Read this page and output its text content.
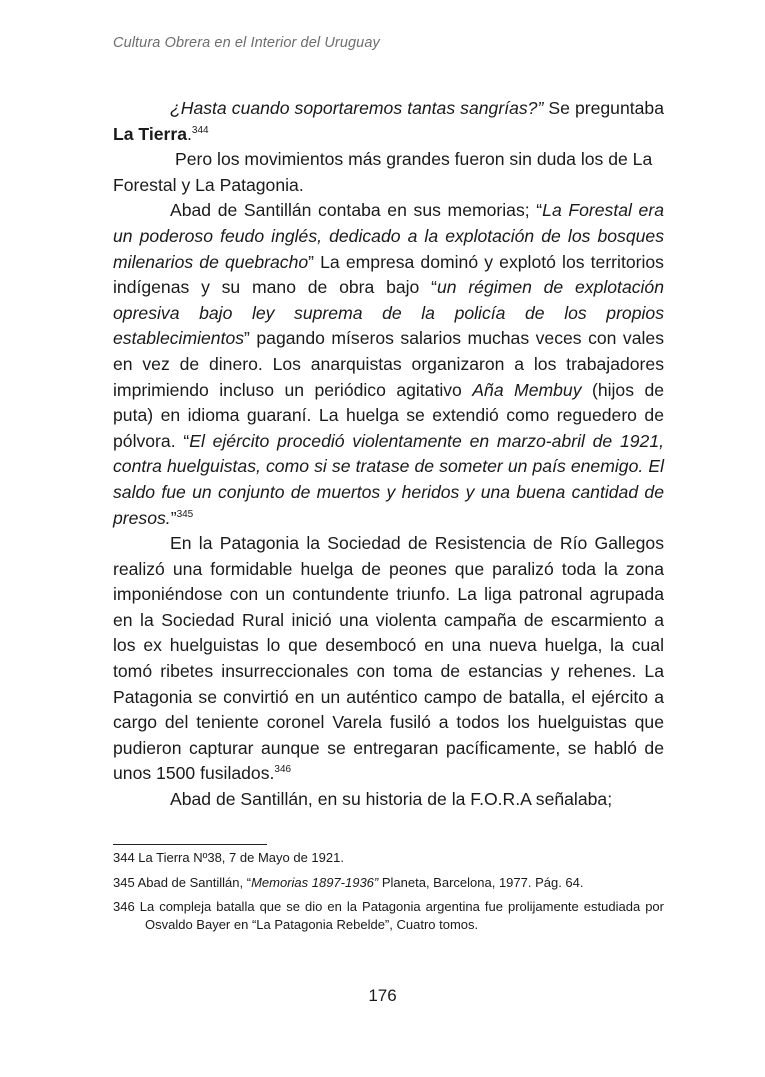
Cultura Obrera en el Interior del Uruguay

¿Hasta cuando soportaremos tantas sangrías?” Se preguntaba La Tierra.$^{344}$

Pero los movimientos más grandes fueron sin duda los de La Forestal y La Patagonia.

Abad de Santillán contaba en sus memorias; “La Forestal era un poderoso feudo inglés, dedicado a la explotación de los bosques milenarios de quebracho” La empresa dominó y explotó los territorios indígenas y su mano de obra bajo “un régimen de explotación opresiva bajo ley suprema de la policía de los propios establecimientos” pagando míseros salarios muchas veces con vales en vez de dinero. Los anarquistas organizaron a los trabajadores imprimiendo incluso un periódico agitativo Aña Membuy (hijos de puta) en idioma guaraní. La huelga se extendió como reguedero de pólvora. “El ejército procedió violentamente en marzo-abril de 1921, contra huelguistas, como si se tratase de someter un país enemigo. El saldo fue un conjunto de muertos y heridos y una buena cantidad de presos.”$^{345}$

En la Patagonia la Sociedad de Resistencia de Río Gallegos realizó una formidable huelga de peones que paralizó toda la zona imponiéndose con un contundente triunfo. La liga patronal agrupada en la Sociedad Rural inició una violenta campaña de escarmiento a los ex huelguistas lo que desembocó en una nueva huelga, la cual tomó ribetes insurreccionales con toma de estancias y rehenes. La Patagonia se convirtió en un auténtico campo de batalla, el ejército a cargo del teniente coronel Varela fusiló a todos los huelguistas que pudieron capturar aunque se entregaran pacíficamente, se habló de unos 1500 fusilados.$^{346}$

Abad de Santillán, en su historia de la F.O.R.A señalaba;

344 La Tierra Nº38, 7 de Mayo de 1921.

345 Abad de Santillán, “Memorias 1897-1936” Planeta, Barcelona, 1977. Pág. 64.

346 La compleja batalla que se dio en la Patagonia argentina fue prolijamente estudiada por Osvaldo Bayer en “La Patagonia Rebelde”, Cuatro tomos.

176
